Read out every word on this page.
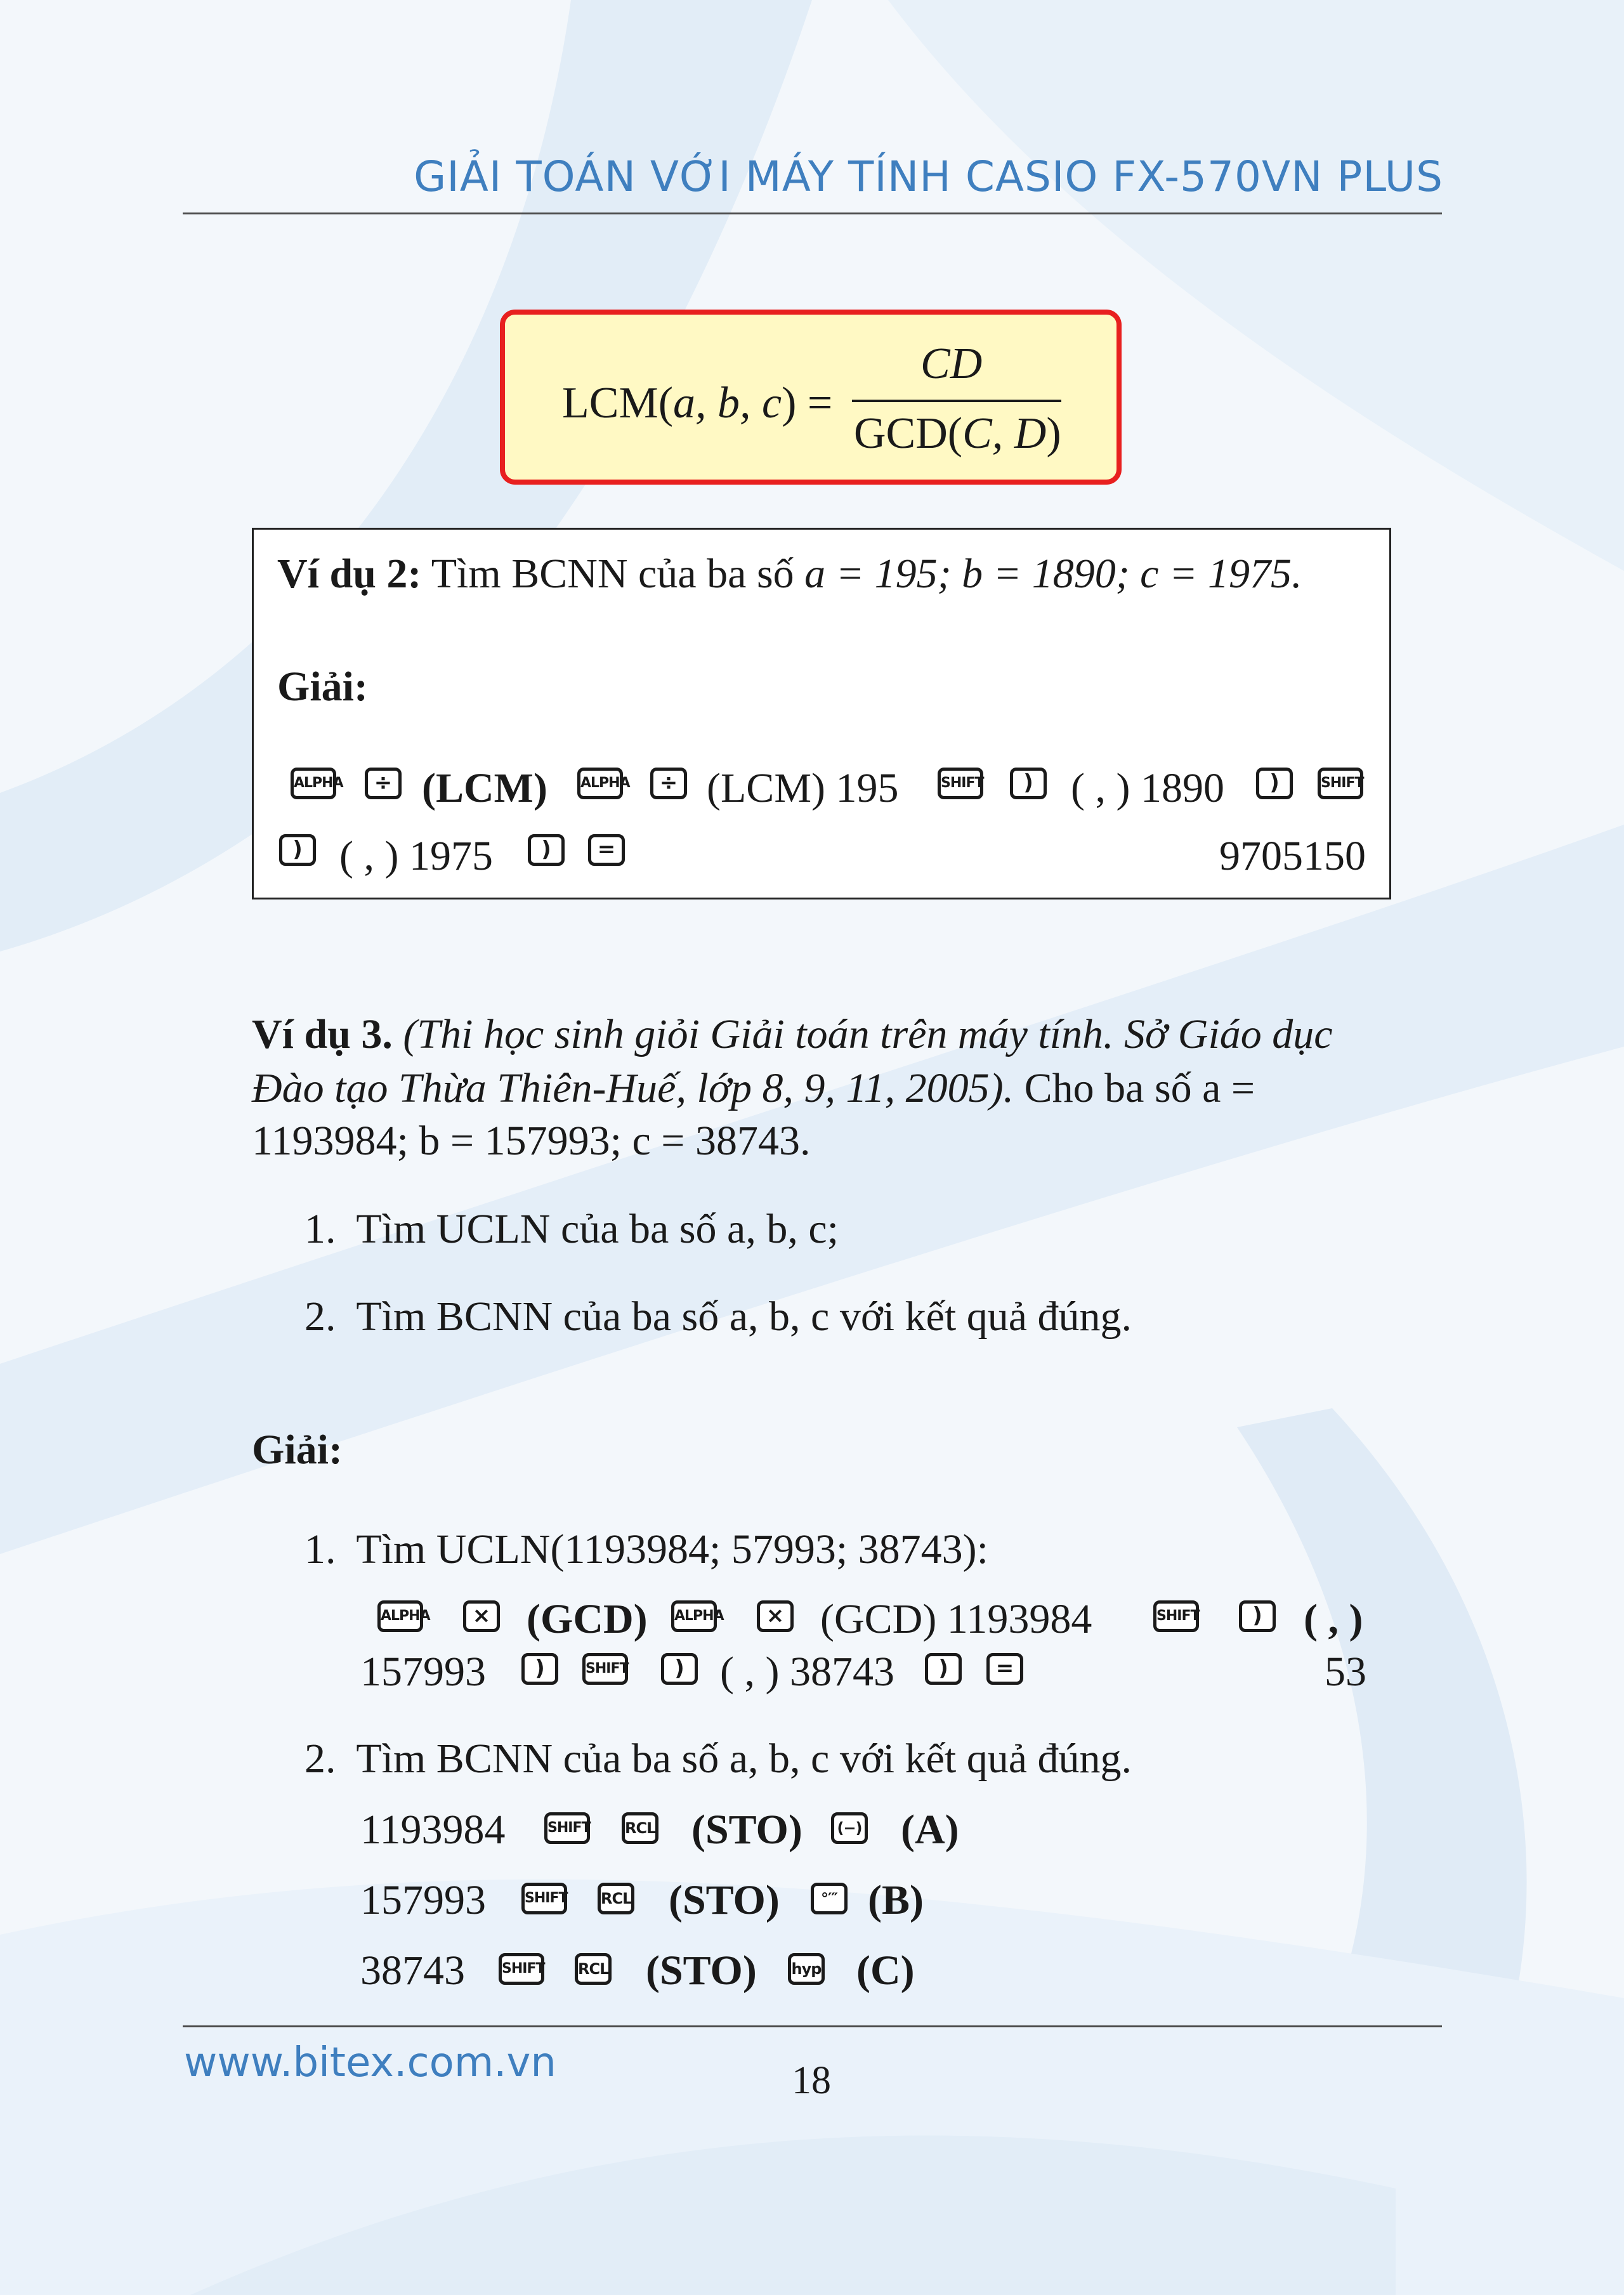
GIẢI TOÁN VỚI MÁY TÍNH CASIO FX-570VN PLUS
LCM(a, b, c) =
CD
GCD(C, D)
Ví dụ 2: Tìm BCNN của ba số a = 195; b = 1890; c = 1975.
Giải:
ALPHA	÷ (LCM) ALPHA	÷ (LCM) 195	SHIFT	) ( , ) 1890	)	SHIFT
) ( , ) 1975	)	=	9705150
Ví dụ 3. (Thi học sinh giỏi Giải toán trên máy tính. Sở Giáo dục
Đào tạo Thừa Thiên-Huế, lớp 8, 9, 11, 2005). Cho ba số a =
1193984; b = 157993; c = 38743.
1. Tìm UCLN của ba số a, b, c;
2. Tìm BCNN của ba số a, b, c với kết quả đúng.
Giải:
1. Tìm UCLN(1193984; 57993; 38743):
ALPHA	× (GCD) ALPHA	× (GCD) 1193984	SHIFT	) ( , )
157993	)	SHIFT	) ( , ) 38743	)	=	53
2. Tìm BCNN của ba số a, b, c với kết quả đúng.
1193984	SHIFT RCL (STO)	(−) (A)
157993	SHIFT RCL (STO)	°′″ (B)
38743	SHIFT RCL (STO) hyp (C)
www.bitex.com.vn	18
